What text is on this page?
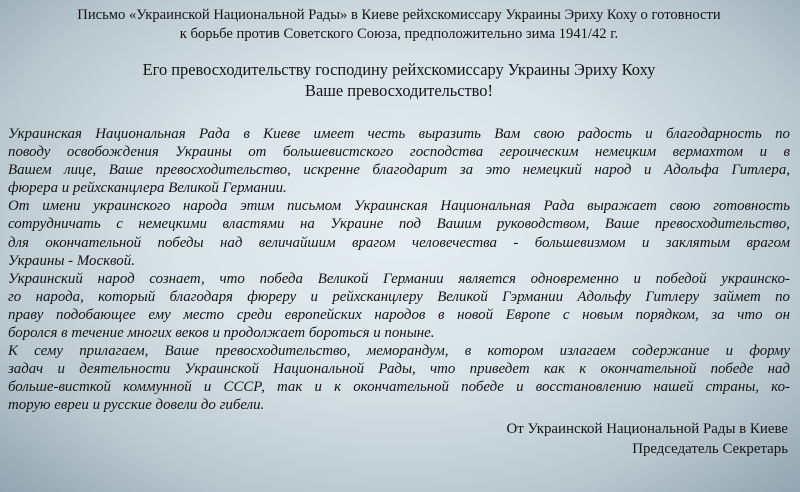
Письмо «Украинской Национальной Рады» в Киеве рейхскомиссару Украины Эриху Коху о готовности

к борьбе против Советского Союза, предположительно зима 1941/42 г.

Его превосходительству господину рейхскомиссару Украины Эриху Коху

Ваше превосходительство!

Украинская Национальная Рада в Киеве имеет честь выразить Вам свою радость и благодарность по
поводу освобождения Украины от большевистского господства героическим немецким вермахтом и в
Вашем лице, Ваше превосходительство, искренне благодарит за это немецкий народ и Адольфа Гитлера,
фюрера и рейхсканцлера Великой Германии.
От имени украинского народа этим письмом Украинская Национальная Рада выражает свою готовность
сотрудничать с немецкими властями на Украине под Вашим руководством, Ваше превосходительство,
для окончательной победы над величайшим врагом человечества - большевизмом и заклятым врагом
Украины - Москвой.
Украинский народ сознает, что победа Великой Германии является одновременно и победой украинско-
го народа, который благодаря фюреру и рейхсканцлеру Великой Гэрмании Адольфу Гитлеру займет по
праву подобающее ему место среди европейских народов в новой Европе с новым порядком, за что он
боролся в течение многих веков и продолжает бороться и поныне.
К сему прилагаем, Ваше превосходительство, меморандум, в котором излагаем содержание и форму
задач и деятельности Украинской Национальной Рады, что приведет как к окончательной победе над
больше-висткой коммунной и СССР, так и к окончательной победе и восстановлению нашей страны, ко-
торую евреи и русские довели до гибели.

От Украинской Национальной Рады в Киеве

Председатель Секретарь
